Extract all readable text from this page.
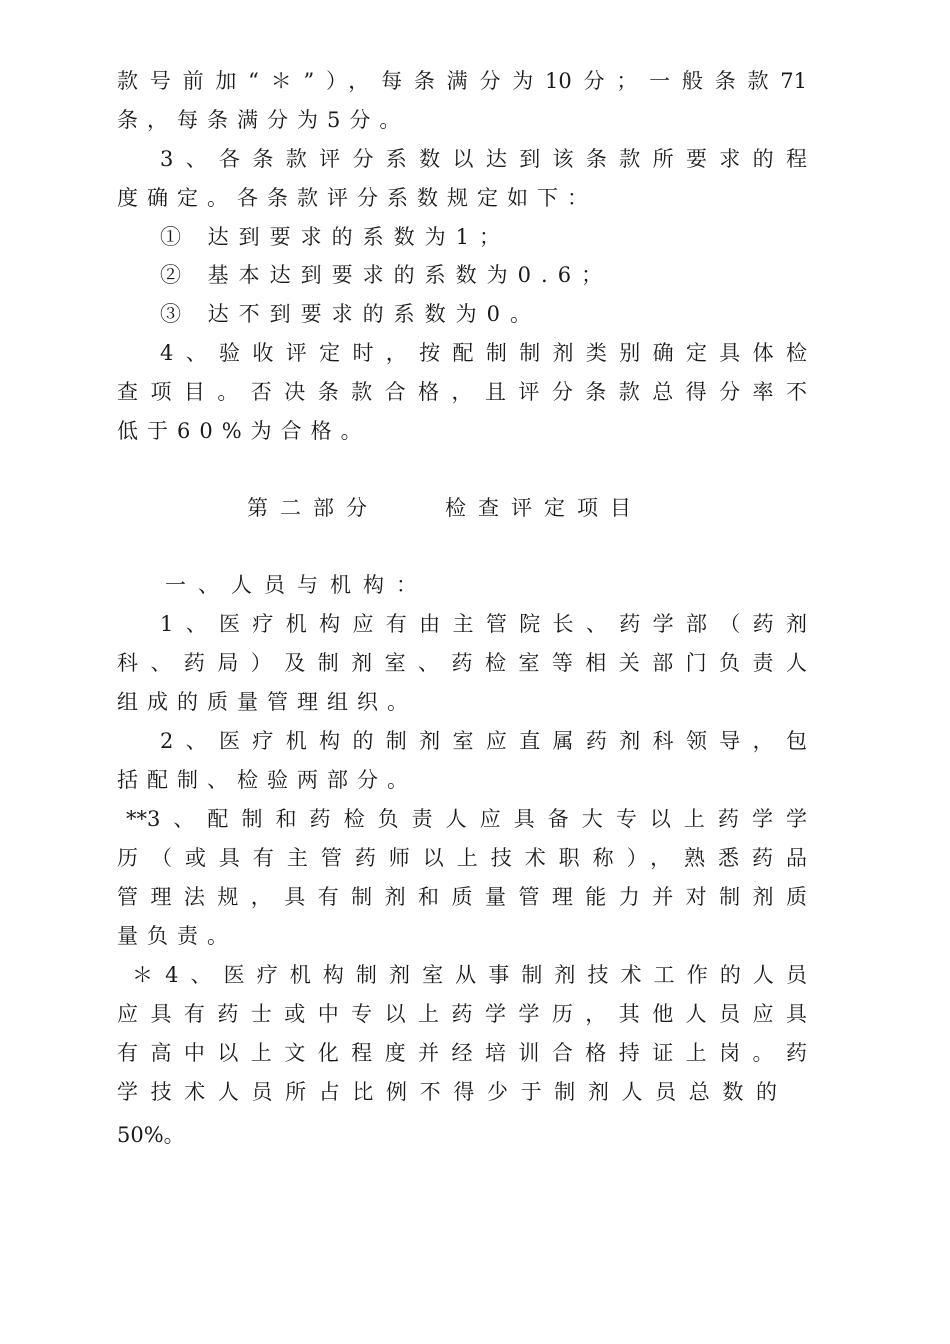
款号前加“＊”），每条满分为10分；一般条款71
条，每条满分为5分。
3、各条款评分系数以达到该条款所要求的程
度确定。各条款评分系数规定如下：
① 达到要求的系数为1；
② 基本达到要求的系数为0.6；
③ 达不到要求的系数为0。
4、验收评定时，按配制制剂类别确定具体检
查项目。否决条款合格，且评分条款总得分率不
低于60%为合格。
第二部分　　检查评定项目
一、人员与机构：
1、医疗机构应有由主管院长、药学部（药剂
科、药局）及制剂室、药检室等相关部门负责人
组成的质量管理组织。
2、医疗机构的制剂室应直属药剂科领导，包
括配制、检验两部分。
**3、配制和药检负责人应具备大专以上药学学
历（或具有主管药师以上技术职称），熟悉药品
管理法规，具有制剂和质量管理能力并对制剂质
量负责。
＊4、医疗机构制剂室从事制剂技术工作的人员
应具有药士或中专以上药学学历，其他人员应具
有高中以上文化程度并经培训合格持证上岗。药
学技术人员所占比例不得少于制剂人员总数的
50%。
